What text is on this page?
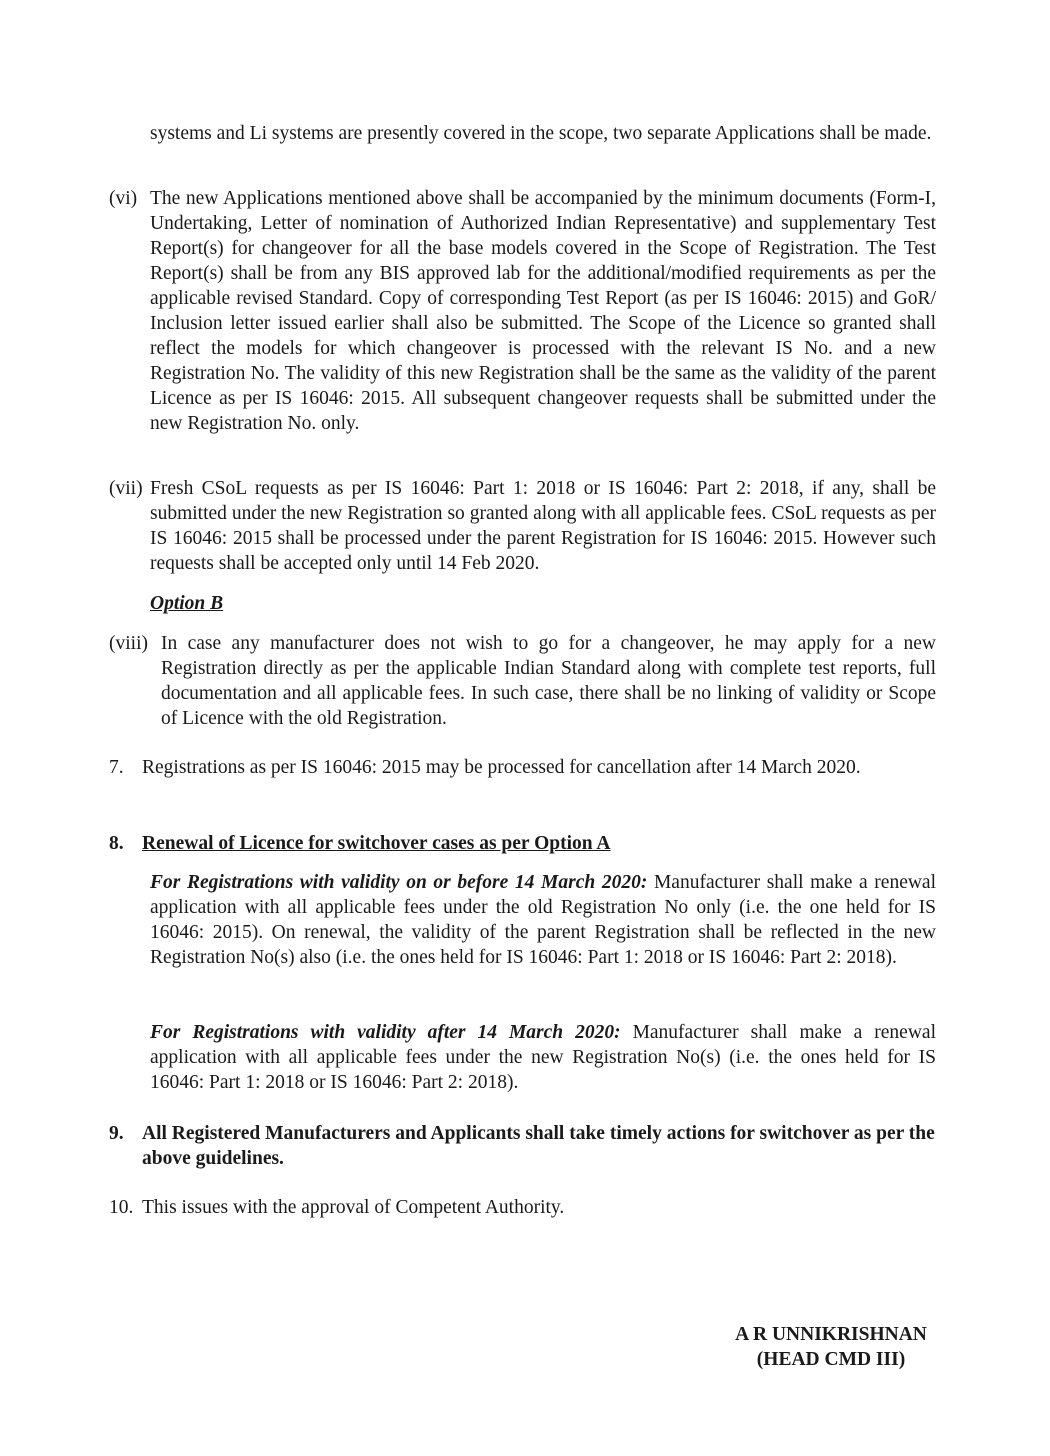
systems and Li systems are presently covered in the scope, two separate Applications shall be made.
(vi) The new Applications mentioned above shall be accompanied by the minimum documents (Form-I, Undertaking, Letter of nomination of Authorized Indian Representative) and supplementary Test Report(s) for changeover for all the base models covered in the Scope of Registration. The Test Report(s) shall be from any BIS approved lab for the additional/modified requirements as per the applicable revised Standard. Copy of corresponding Test Report (as per IS 16046: 2015) and GoR/ Inclusion letter issued earlier shall also be submitted. The Scope of the Licence so granted shall reflect the models for which changeover is processed with the relevant IS No. and a new Registration No. The validity of this new Registration shall be the same as the validity of the parent Licence as per IS 16046: 2015. All subsequent changeover requests shall be submitted under the new Registration No. only.
(vii) Fresh CSoL requests as per IS 16046: Part 1: 2018 or IS 16046: Part 2: 2018, if any, shall be submitted under the new Registration so granted along with all applicable fees. CSoL requests as per IS 16046: 2015 shall be processed under the parent Registration for IS 16046: 2015. However such requests shall be accepted only until 14 Feb 2020.
Option B
(viii) In case any manufacturer does not wish to go for a changeover, he may apply for a new Registration directly as per the applicable Indian Standard along with complete test reports, full documentation and all applicable fees. In such case, there shall be no linking of validity or Scope of Licence with the old Registration.
7. Registrations as per IS 16046: 2015 may be processed for cancellation after 14 March 2020.
8. Renewal of Licence for switchover cases as per Option A
For Registrations with validity on or before 14 March 2020: Manufacturer shall make a renewal application with all applicable fees under the old Registration No only (i.e. the one held for IS 16046: 2015). On renewal, the validity of the parent Registration shall be reflected in the new Registration No(s) also (i.e. the ones held for IS 16046: Part 1: 2018 or IS 16046: Part 2: 2018).
For Registrations with validity after 14 March 2020: Manufacturer shall make a renewal application with all applicable fees under the new Registration No(s) (i.e. the ones held for IS 16046: Part 1: 2018 or IS 16046: Part 2: 2018).
9. All Registered Manufacturers and Applicants shall take timely actions for switchover as per the above guidelines.
10. This issues with the approval of Competent Authority.
A R UNNIKRISHNAN
(HEAD CMD III)
